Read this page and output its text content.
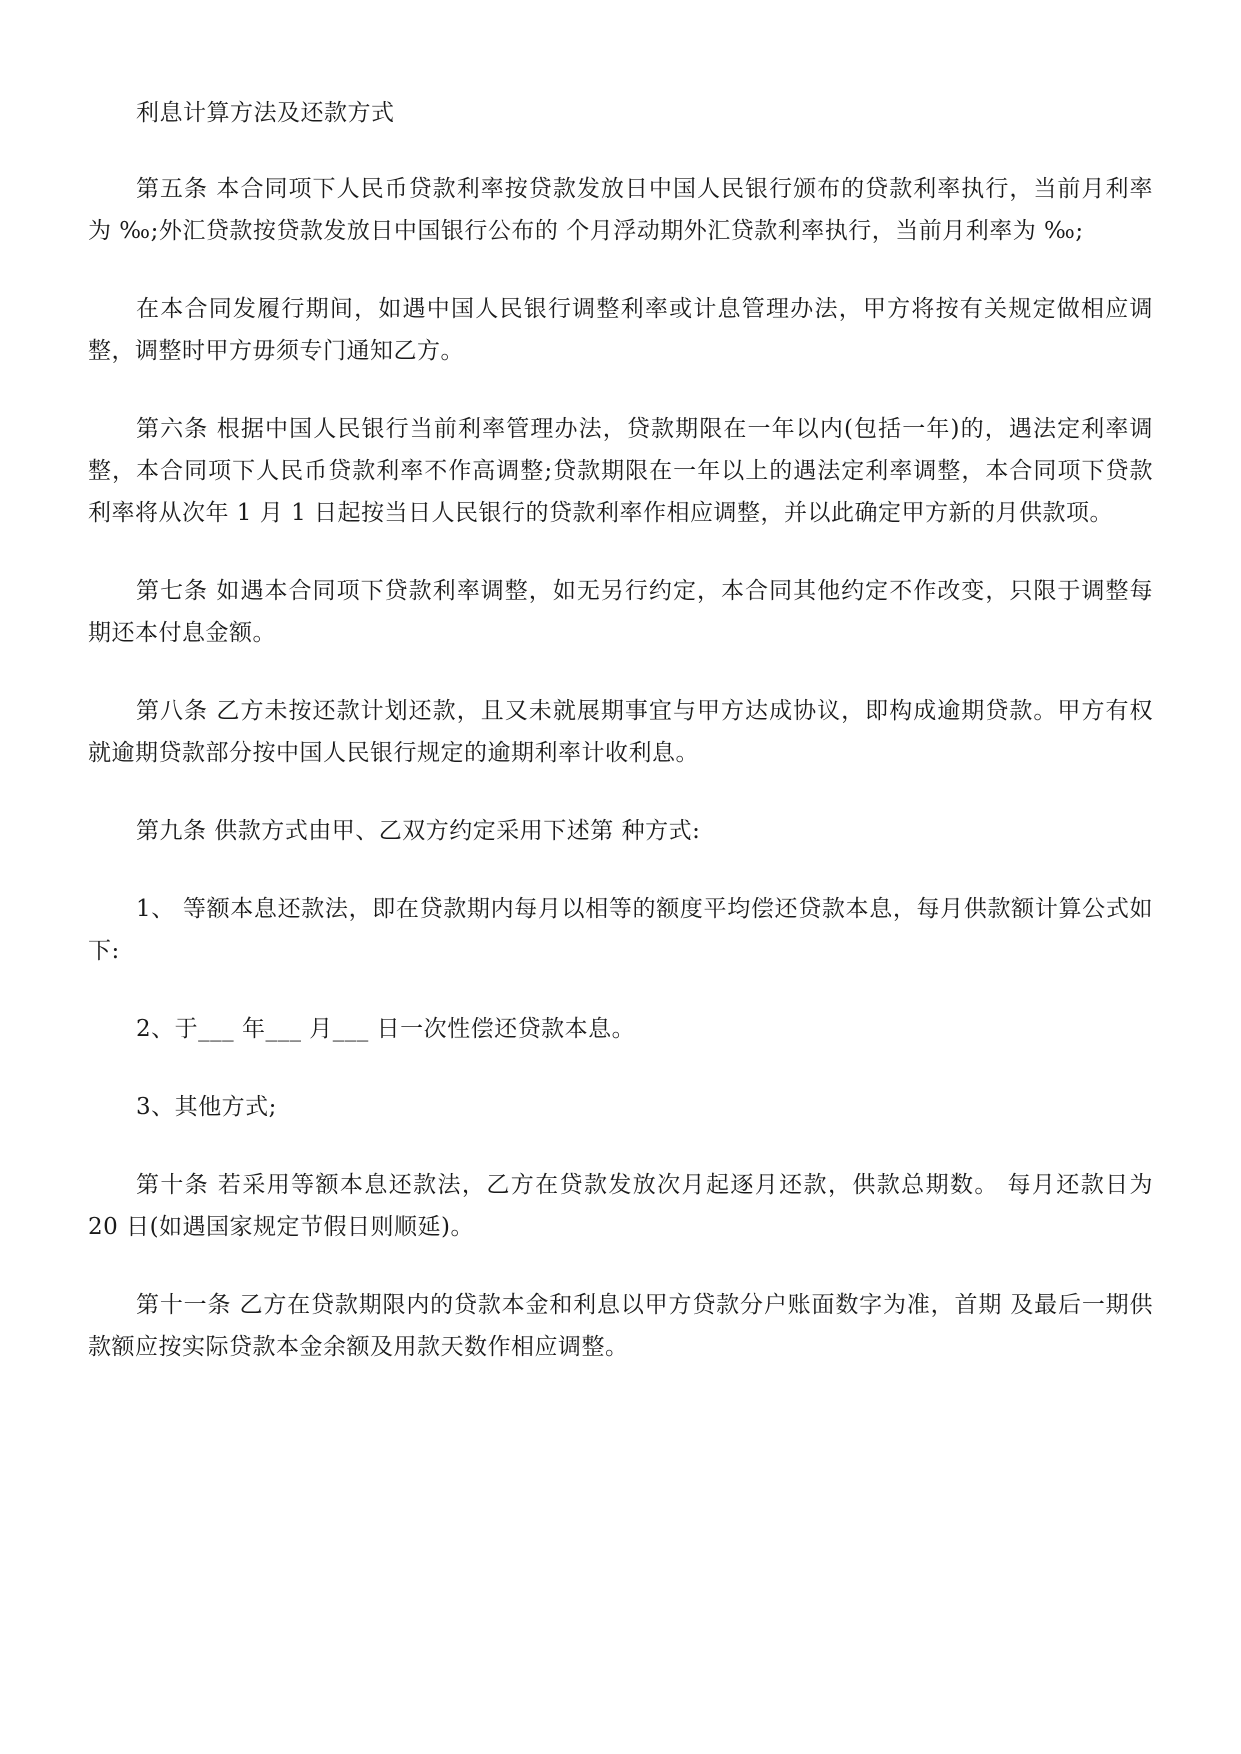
利息计算方法及还款方式

第五条 本合同项下人民币贷款利率按贷款发放日中国人民银行颁布的贷款利率执行，当前月利率为 ‰;外汇贷款按贷款发放日中国银行公布的 个月浮动期外汇贷款利率执行，当前月利率为 ‰;

在本合同发履行期间，如遇中国人民银行调整利率或计息管理办法，甲方将按有关规定做相应调整，调整时甲方毋须专门通知乙方。

第六条 根据中国人民银行当前利率管理办法，贷款期限在一年以内(包括一年)的，遇法定利率调整，本合同项下人民币贷款利率不作高调整;贷款期限在一年以上的遇法定利率调整，本合同项下贷款利率将从次年 1 月 1 日起按当日人民银行的贷款利率作相应调整，并以此确定甲方新的月供款项。

第七条 如遇本合同项下贷款利率调整，如无另行约定，本合同其他约定不作改变，只限于调整每期还本付息金额。

第八条 乙方未按还款计划还款，且又未就展期事宜与甲方达成协议，即构成逾期贷款。甲方有权就逾期贷款部分按中国人民银行规定的逾期利率计收利息。

第九条 供款方式由甲、乙双方约定采用下述第 种方式:

1、 等额本息还款法，即在贷款期内每月以相等的额度平均偿还贷款本息，每月供款额计算公式如下:

2、于___ 年___ 月___ 日一次性偿还贷款本息。

3、其他方式;

第十条 若采用等额本息还款法，乙方在贷款发放次月起逐月还款，供款总期数。 每月还款日为 20 日(如遇国家规定节假日则顺延)。

第十一条 乙方在贷款期限内的贷款本金和利息以甲方贷款分户账面数字为准，首期 及最后一期供款额应按实际贷款本金余额及用款天数作相应调整。
